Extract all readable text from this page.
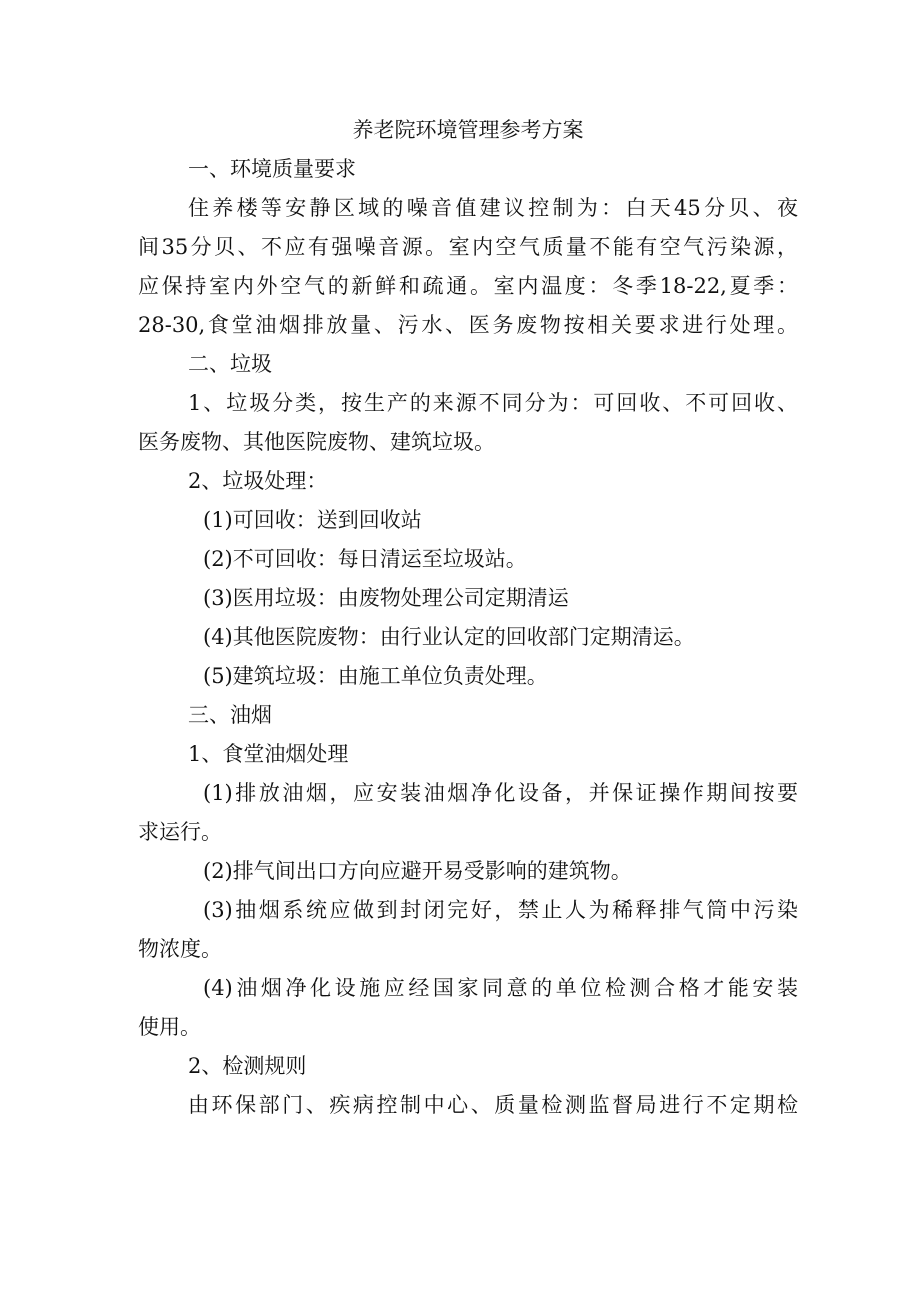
养老院环境管理参考方案
一、环境质量要求
住养楼等安静区域的噪音值建议控制为：白天45分贝、夜
间35分贝、不应有强噪音源。室内空气质量不能有空气污染源，
应保持室内外空气的新鲜和疏通。室内温度：冬季18-22,夏季：
28-30,食堂油烟排放量、污水、医务废物按相关要求进行处理。
二、垃圾
1、垃圾分类，按生产的来源不同分为：可回收、不可回收、
医务废物、其他医院废物、建筑垃圾。
2、垃圾处理：
(1)可回收：送到回收站
(2)不可回收：每日清运至垃圾站。
(3)医用垃圾：由废物处理公司定期清运
(4)其他医院废物：由行业认定的回收部门定期清运。
(5)建筑垃圾：由施工单位负责处理。
三、油烟
1、食堂油烟处理
(1)排放油烟，应安装油烟净化设备，并保证操作期间按要
求运行。
(2)排气间出口方向应避开易受影响的建筑物。
(3)抽烟系统应做到封闭完好，禁止人为稀释排气筒中污染
物浓度。
(4)油烟净化设施应经国家同意的单位检测合格才能安装
使用。
2、检测规则
由环保部门、疾病控制中心、质量检测监督局进行不定期检
